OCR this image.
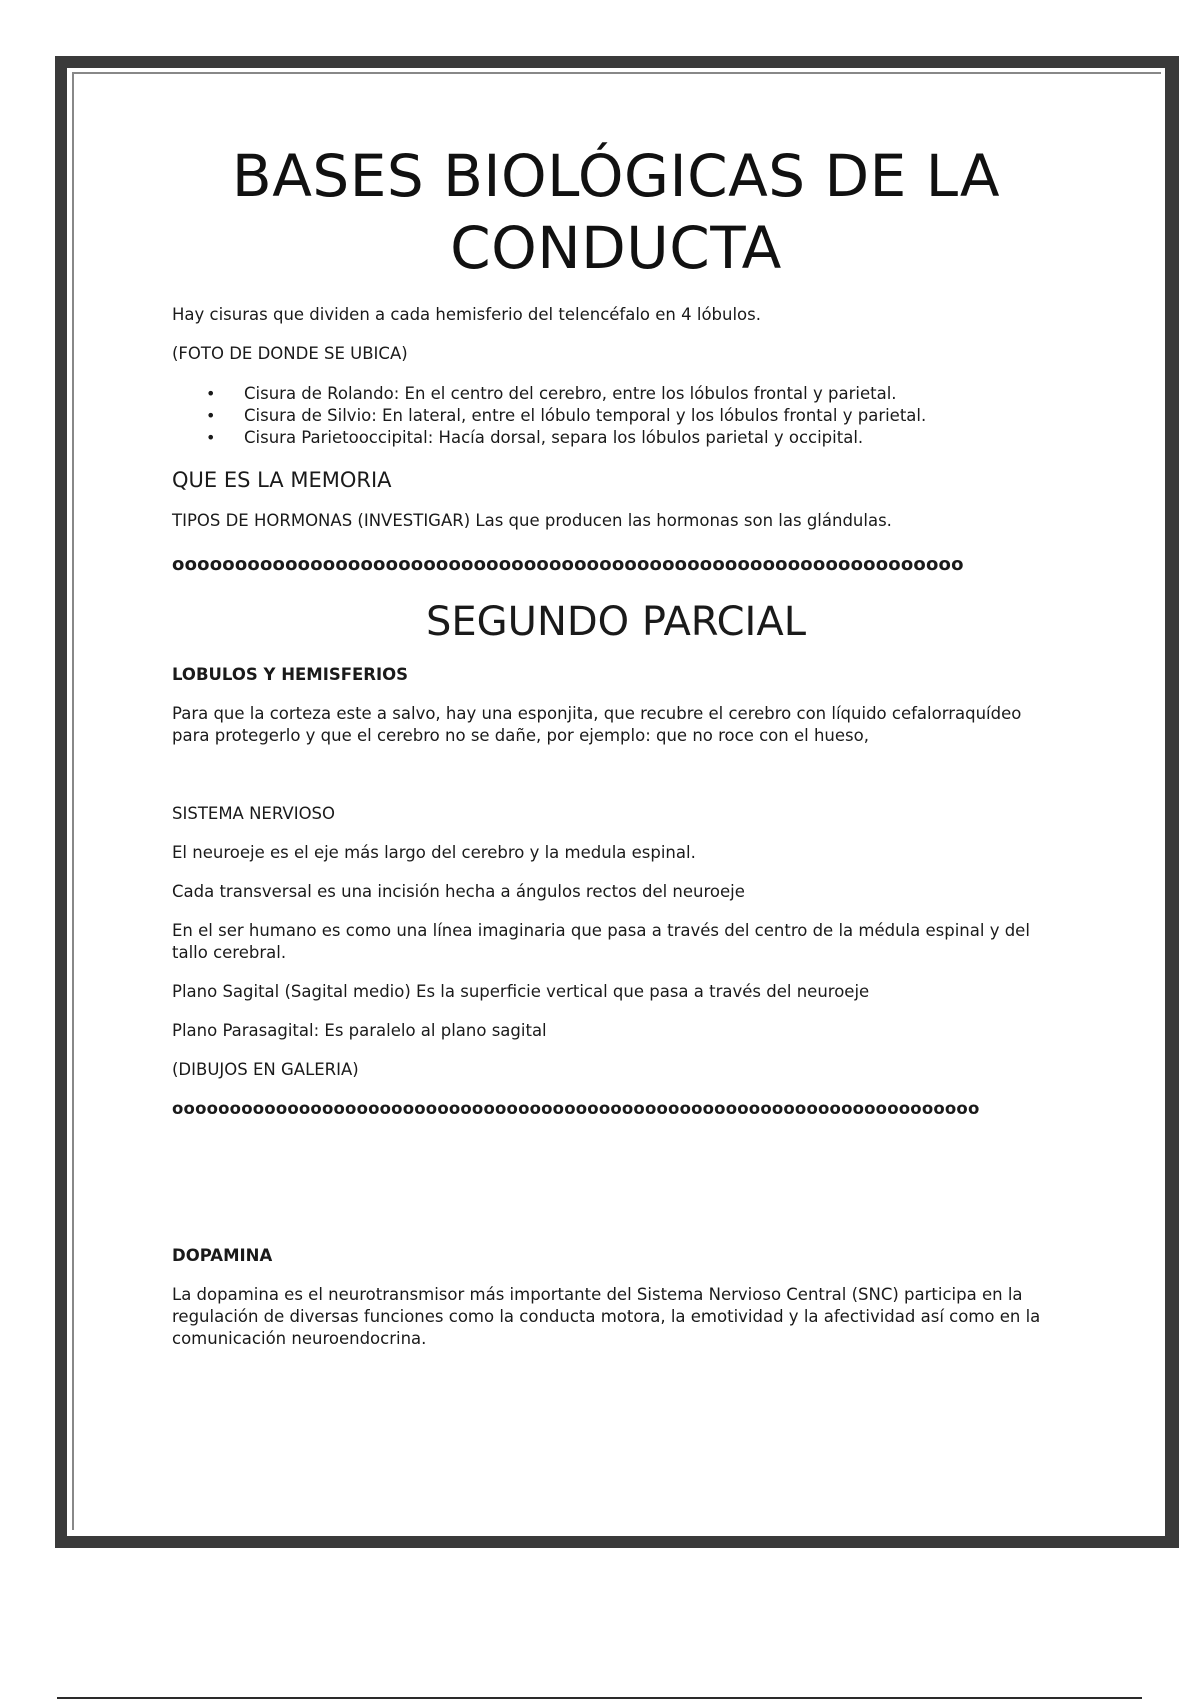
BASES BIOLÓGICAS DE LA CONDUCTA

Hay cisuras que dividen a cada hemisferio del telencéfalo en 4 lóbulos.

(FOTO DE DONDE SE UBICA)

• Cisura de Rolando: En el centro del cerebro, entre los lóbulos frontal y parietal.
• Cisura de Silvio: En lateral, entre el lóbulo temporal y los lóbulos frontal y parietal.
• Cisura Parietooccipital: Hacía dorsal, separa los lóbulos parietal y occipital.

QUE ES LA MEMORIA

TIPOS DE HORMONAS (INVESTIGAR) Las que producen las hormonas son las glándulas.

ooooooooooooooooooooooooooooooooooooooooooooooooooooooooooooooo
SEGUNDO PARCIAL

LOBULOS Y HEMISFERIOS

Para que la corteza este a salvo, hay una esponjita, que recubre el cerebro con líquido cefalorraquídeo para protegerlo y que el cerebro no se dañe, por ejemplo: que no roce con el hueso,

SISTEMA NERVIOSO

El neuroeje es el eje más largo del cerebro y la medula espinal.

Cada transversal es una incisión hecha a ángulos rectos del neuroeje

En el ser humano es como una línea imaginaria que pasa a través del centro de la médula espinal y del tallo cerebral.

Plano Sagital (Sagital medio) Es la superficie vertical que pasa a través del neuroeje

Plano Parasagital: Es paralelo al plano sagital

(DIBUJOS EN GALERIA)

oooooooooooooooooooooooooooooooooooooooooooooooooooooooooooooooooooooo

DOPAMINA

La dopamina es el neurotransmisor más importante del Sistema Nervioso Central (SNC) participa en la regulación de diversas funciones como la conducta motora, la emotividad y la afectividad así como en la comunicación neuroendocrina.
